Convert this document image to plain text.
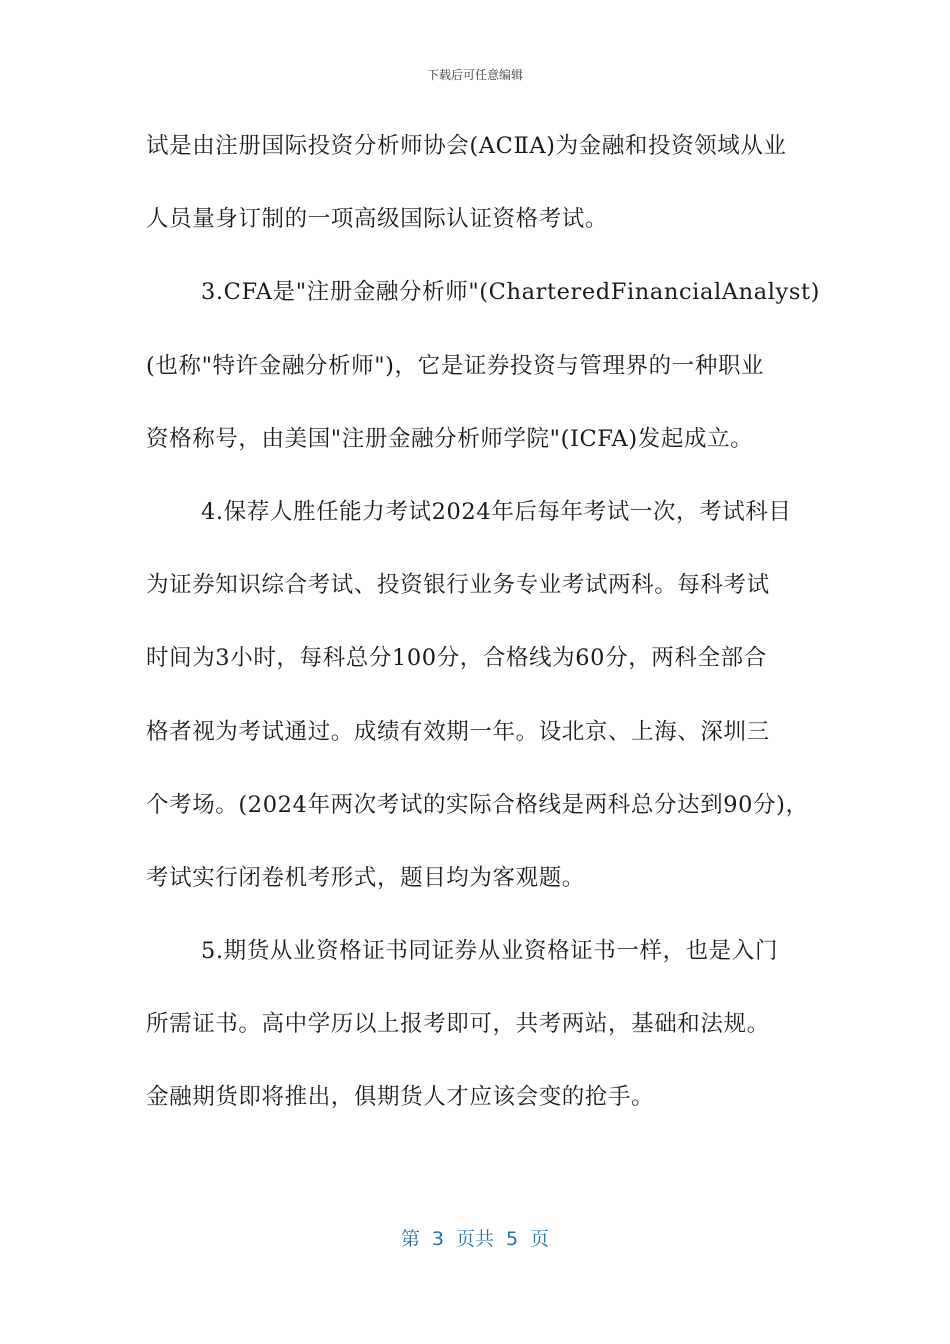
下载后可任意编辑
试是由注册国际投资分析师协会(ACⅡA)为金融和投资领域从业
人员量身订制的一项高级国际认证资格考试。
3.CFA是"注册金融分析师"(CharteredFinancialAnalyst)
(也称"特许金融分析师")，它是证券投资与管理界的一种职业
资格称号，由美国"注册金融分析师学院"(ICFA)发起成立。
4.保荐人胜任能力考试2024年后每年考试一次，考试科目
为证券知识综合考试、投资银行业务专业考试两科。每科考试
时间为3小时，每科总分100分，合格线为60分，两科全部合
格者视为考试通过。成绩有效期一年。设北京、上海、深圳三
个考场。(2024年两次考试的实际合格线是两科总分达到90分)，
考试实行闭卷机考形式，题目均为客观题。
5.期货从业资格证书同证券从业资格证书一样，也是入门
所需证书。高中学历以上报考即可，共考两站，基础和法规。
金融期货即将推出，俱期货人才应该会变的抢手。
第 3 页共 5 页
